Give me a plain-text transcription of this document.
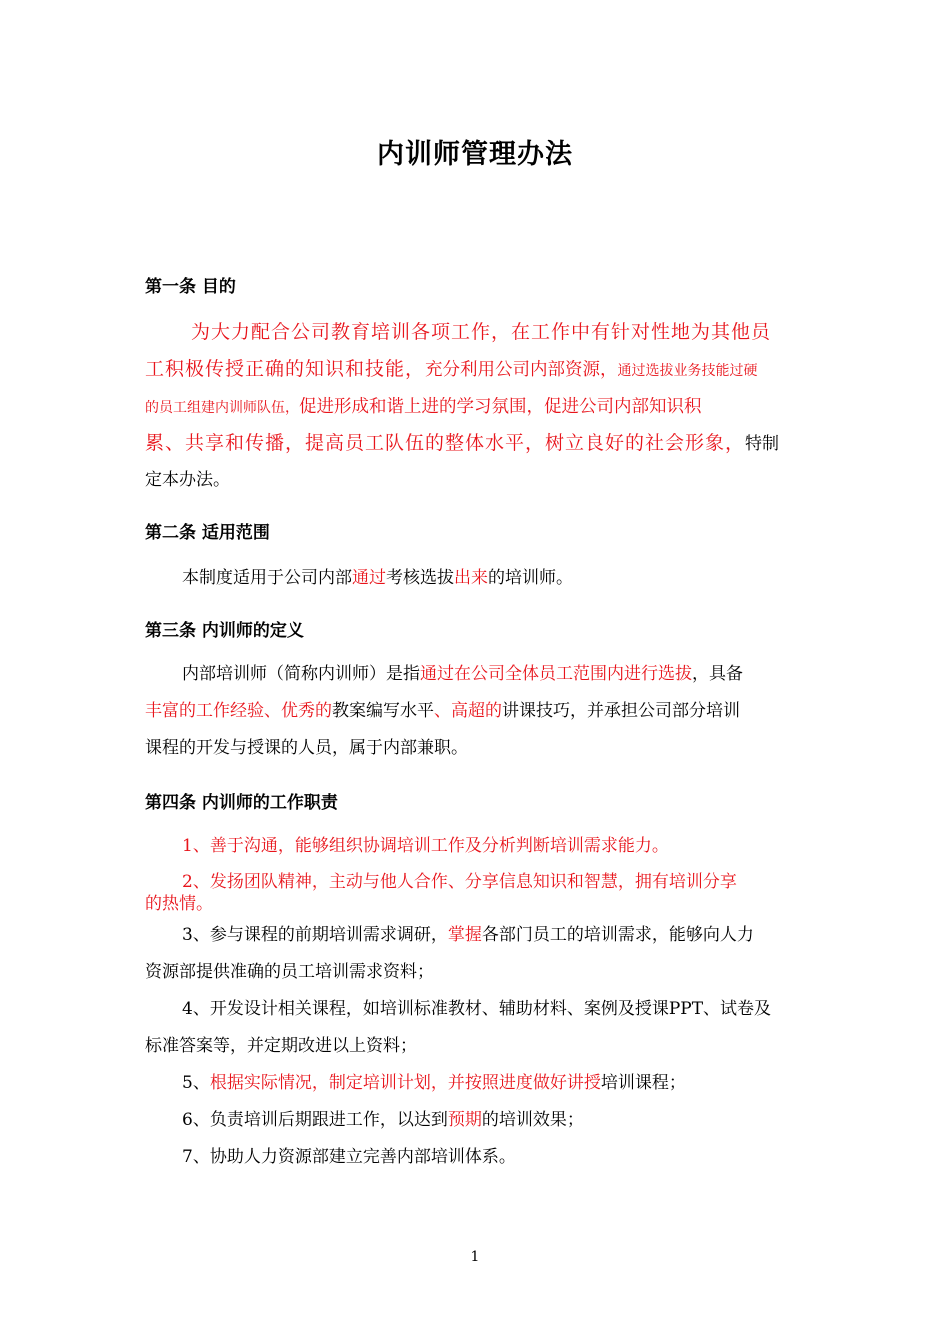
内训师管理办法
第一条 目的
为大力配合公司教育培训各项工作，在工作中有针对性地为其他员
工积极传授正确的知识和技能，充分利用公司内部资源，通过选拔业务技能过硬
的员工组建内训师队伍，促进形成和谐上进的学习氛围，促进公司内部知识积
累、共享和传播，提高员工队伍的整体水平，树立良好的社会形象，特制
定本办法。
第二条 适用范围
本制度适用于公司内部通过考核选拔出来的培训师。
第三条 内训师的定义
内部培训师（简称内训师）是指通过在公司全体员工范围内进行选拔，具备
丰富的工作经验、优秀的教案编写水平、高超的讲课技巧，并承担公司部分培训
课程的开发与授课的人员，属于内部兼职。
第四条 内训师的工作职责
1、善于沟通，能够组织协调培训工作及分析判断培训需求能力。
2、发扬团队精神，主动与他人合作、分享信息知识和智慧，拥有培训分享
的热情。
3、参与课程的前期培训需求调研，掌握各部门员工的培训需求，能够向人力
资源部提供准确的员工培训需求资料；
4、开发设计相关课程，如培训标准教材、辅助材料、案例及授课PPT、试卷及
标准答案等，并定期改进以上资料；
5、根据实际情况，制定培训计划，并按照进度做好讲授培训课程；
6、负责培训后期跟进工作，以达到预期的培训效果；
7、协助人力资源部建立完善内部培训体系。
1
